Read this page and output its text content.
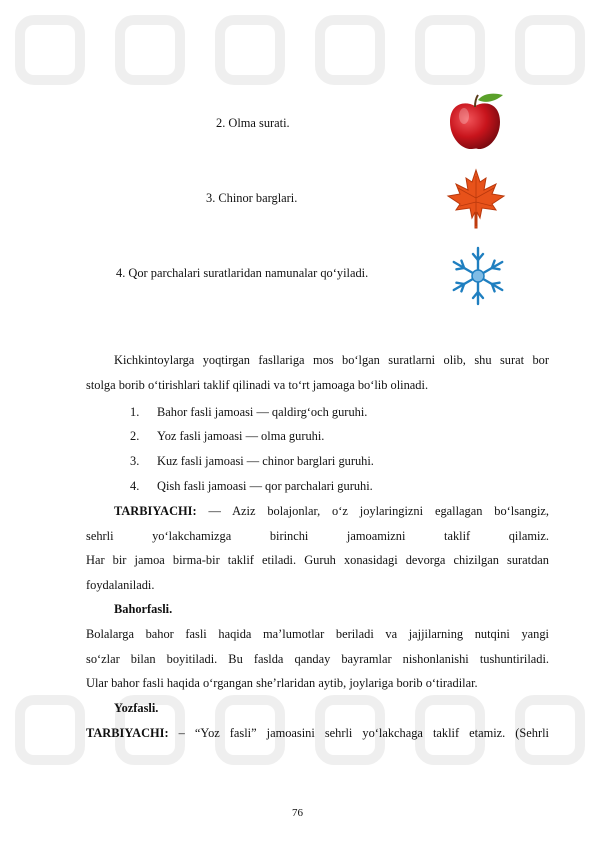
2. Olma surati.
3. Chinor barglari.
4. Qor parchalari suratlaridan namunalar qo‘yiladi.
Kichkintoylarga yoqtirgan fasllariga mos bo‘lgan suratlarni olib, shu surat bor
stolga borib o‘tirishlari taklif qilinadi va to‘rt jamoaga bo‘lib olinadi.
1. Bahor fasli jamoasi — qaldirg‘och guruhi.
2. Yoz fasli jamoasi — olma guruhi.
3. Kuz fasli jamoasi — chinor barglari guruhi.
4. Qish fasli jamoasi — qor parchalari guruhi.
TARBIYACHI: — Aziz bolajonlar, o‘z joylaringizni egallagan bo‘lsangiz,
sehrli yo‘lakchamizga birinchi jamoamizni taklif qilamiz.
Har bir jamoa birma-bir taklif etiladi. Guruh xonasidagi devorga chizilgan suratdan
foydalaniladi.
Bahorfasli.
Bolalarga bahor fasli haqida ma’lumotlar beriladi va jajjilarning nutqini yangi
so‘zlar bilan boyitiladi. Bu faslda qanday bayramlar nishonlanishi tushuntiriladi.
Ular bahor fasli haqida o‘rgangan she’rlaridan aytib, joylariga borib o‘tiradilar.
Yozfasli.
TARBIYACHI: – “Yoz fasli” jamoasini sehrli yo‘lakchaga taklif etamiz. (Sehrli
76
